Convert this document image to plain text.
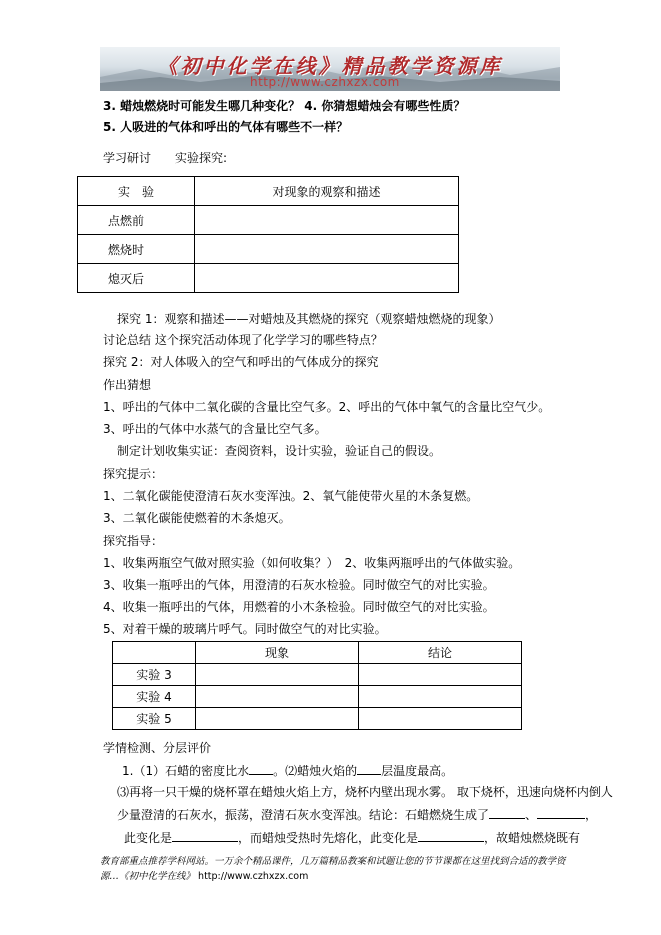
《初中化学在线》精品教学资源库
http://www.czhxzx.com
3. 蜡烛燃烧时可能发生哪几种变化？ 4. 你猜想蜡烛会有哪些性质？
5. 人吸进的气体和呼出的气体有哪些不一样？
学习研讨　　实验探究:
实　验	对现象的观察和描述
点燃前	
燃烧时	
熄灭后	
探究 1：观察和描述——对蜡烛及其燃烧的探究（观察蜡烛燃烧的现象）
讨论总结 这个探究活动体现了化学学习的哪些特点？
探究 2：对人体吸入的空气和呼出的气体成分的探究
作出猜想
1、呼出的气体中二氧化碳的含量比空气多。2、呼出的气体中氧气的含量比空气少。
3、呼出的气体中水蒸气的含量比空气多。
制定计划收集实证：查阅资料，设计实验，验证自己的假设。
探究提示：
1、二氧化碳能使澄清石灰水变浑浊。2、氧气能使带火星的木条复燃。
3、二氧化碳能使燃着的木条熄灭。
探究指导：
1、收集两瓶空气做对照实验（如何收集？）　2、收集两瓶呼出的气体做实验。
3、收集一瓶呼出的气体，用澄清的石灰水检验。同时做空气的对比实验。
4、收集一瓶呼出的气体，用燃着的小木条检验。同时做空气的对比实验。
5、对着干燥的玻璃片呼气。同时做空气的对比实验。
	现象	结论
实验 3		
实验 4		
实验 5		
学情检测、分层评价
1.（1）石蜡的密度比水 。⑵蜡烛火焰的 层温度最高。
⑶再将一只干燥的烧杯罩在蜡烛火焰上方，烧杯内壁出现水雾。 取下烧杯，迅速向烧杯内倒人
少量澄清的石灰水，振荡，澄清石灰水变浑浊。结论：石蜡燃烧生成了	、	，
此变化是	，而蜡烛受热时先熔化，此变化是	，故蜡烛燃烧既有
教育部重点推荐学科网站。一万余个精品课件，几万篇精品教案和试题让您的节节课都在这里找到合适的教学资源…《初中化学在线》 http://www.czhxzx.com
